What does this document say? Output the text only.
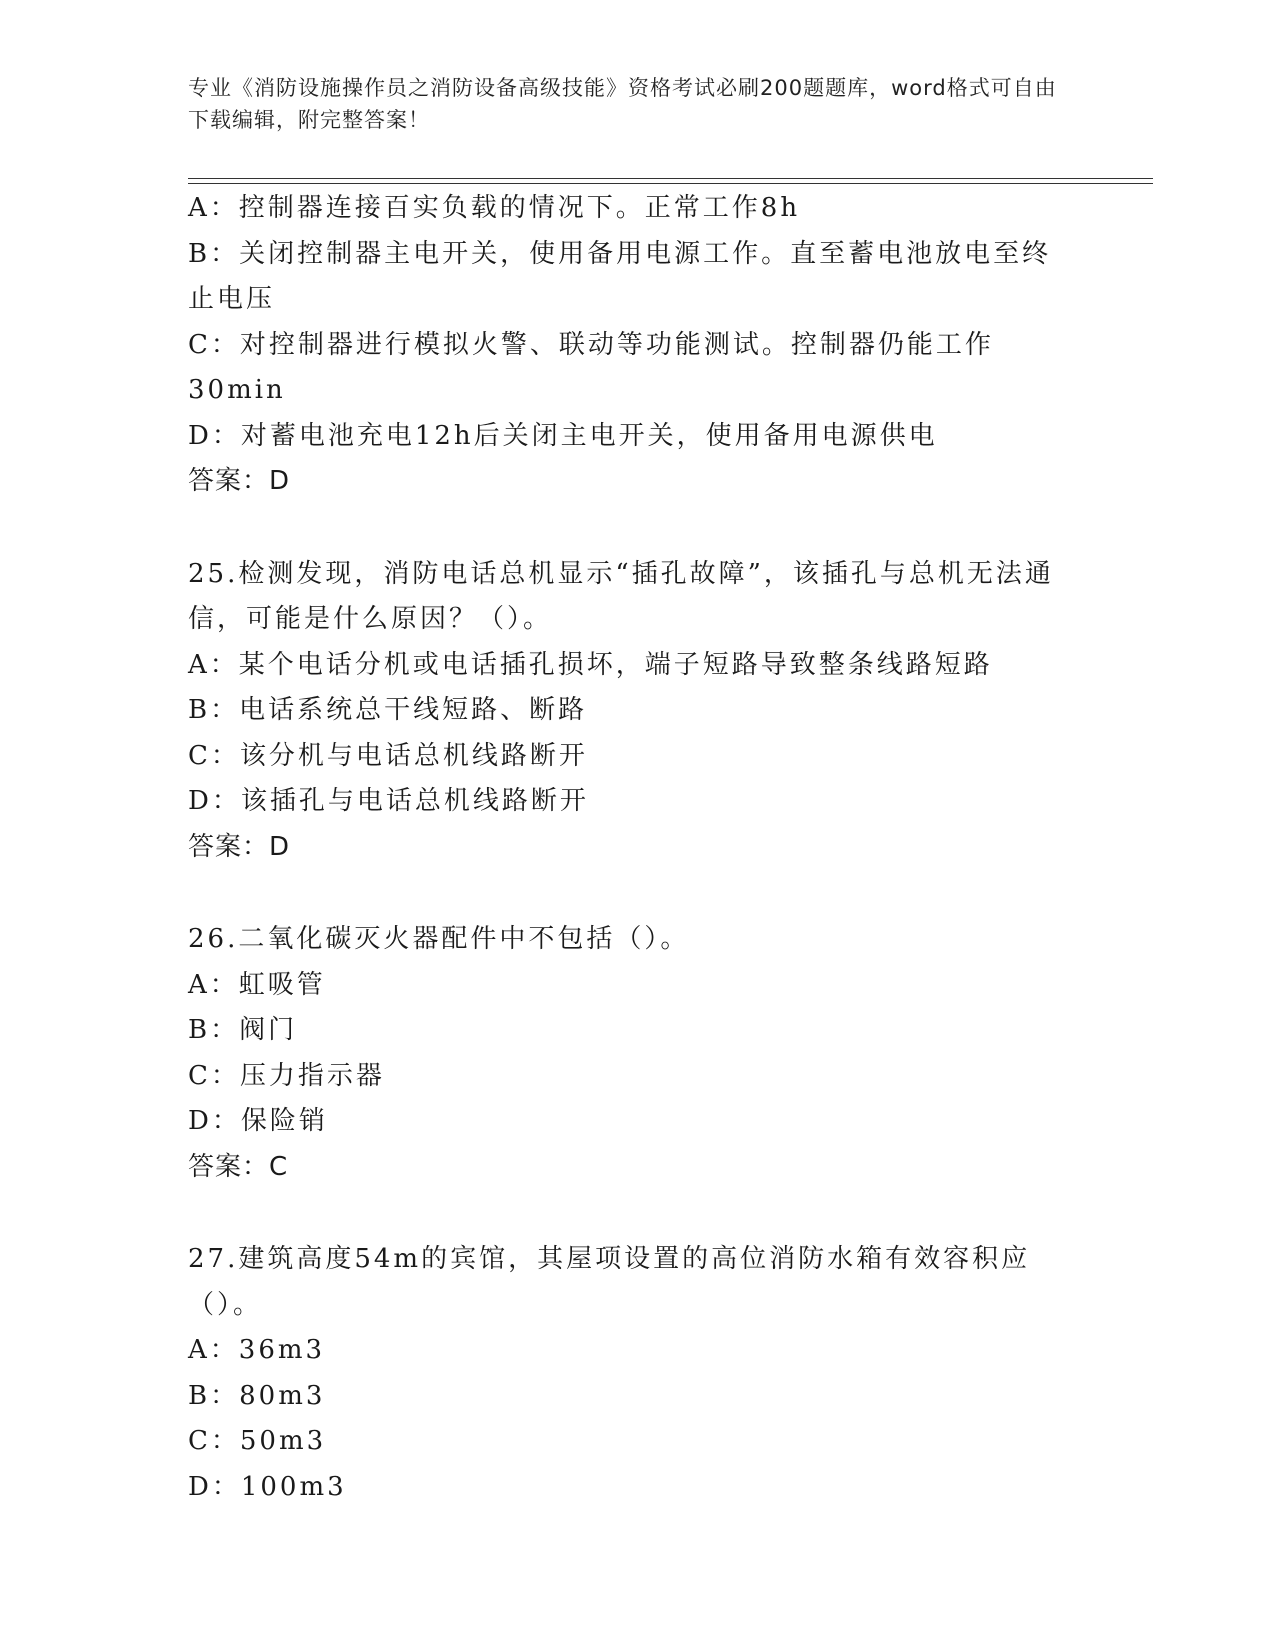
专业《消防设施操作员之消防设备高级技能》资格考试必刷200题题库，word格式可自由下载编辑，附完整答案！
A：控制器连接百实负载的情况下。正常工作8h
B：关闭控制器主电开关，使用备用电源工作。直至蓄电池放电至终止电压
C：对控制器进行模拟火警、联动等功能测试。控制器仍能工作30min
D：对蓄电池充电12h后关闭主电开关，使用备用电源供电
答案：D
25.检测发现，消防电话总机显示“插孔故障”，该插孔与总机无法通信，可能是什么原因？（）。
A：某个电话分机或电话插孔损坏，端子短路导致整条线路短路
B：电话系统总干线短路、断路
C：该分机与电话总机线路断开
D：该插孔与电话总机线路断开
答案：D
26.二氧化碳灭火器配件中不包括（）。
A：虹吸管
B：阀门
C：压力指示器
D：保险销
答案：C
27.建筑高度54m的宾馆，其屋项设置的高位消防水箱有效容积应（）。
A：36m3
B：80m3
C：50m3
D：100m3
